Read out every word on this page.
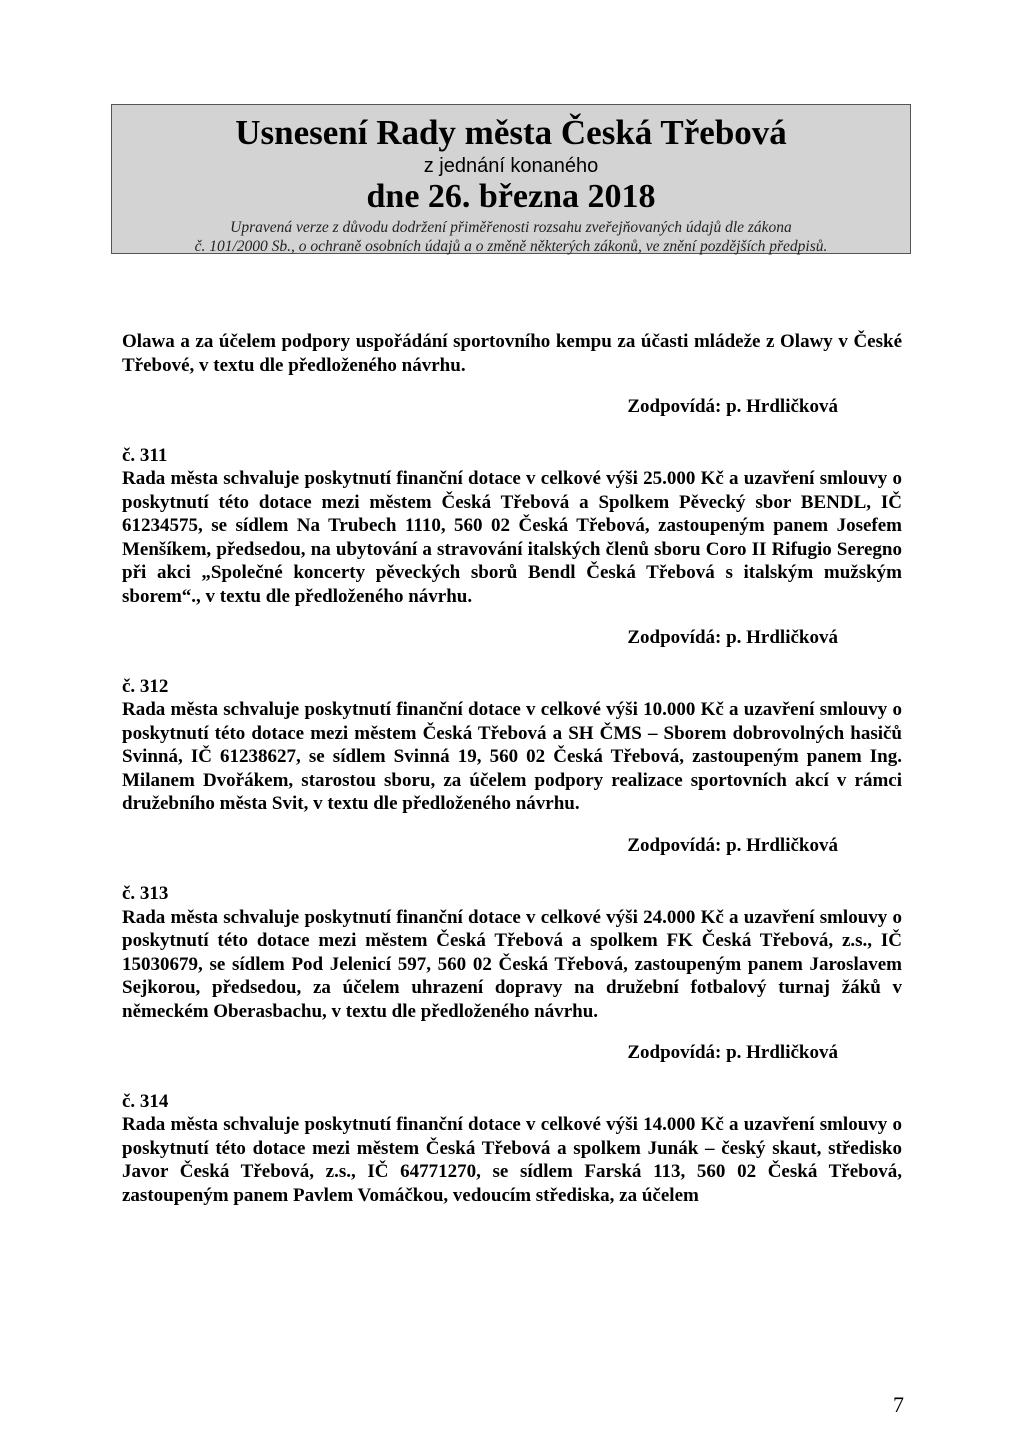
Usnesení Rady města Česká Třebová
z jednání konaného
dne 26. března 2018
Upravená verze z důvodu dodržení přiměřenosti rozsahu zveřejňovaných údajů dle zákona
č. 101/2000 Sb., o ochraně osobních údajů a o změně některých zákonů, ve znění pozdějších předpisů.

Olawa a za účelem podpory uspořádání sportovního kempu za účasti mládeže z Olawy v České Třebové, v textu dle předloženého návrhu.

Zodpovídá: p. Hrdličková

č. 311

Rada města schvaluje poskytnutí finanční dotace v celkové výši 25.000 Kč a uzavření smlouvy o poskytnutí této dotace mezi městem Česká Třebová a Spolkem Pěvecký sbor BENDL, IČ 61234575, se sídlem Na Trubech 1110, 560 02 Česká Třebová, zastoupeným panem Josefem Menšíkem, předsedou, na ubytování a stravování italských členů sboru Coro II Rifugio Seregno při akci „Společné koncerty pěveckých sborů Bendl Česká Třebová s italským mužským sborem“., v textu dle předloženého návrhu.

Zodpovídá: p. Hrdličková

č. 312

Rada města schvaluje poskytnutí finanční dotace v celkové výši 10.000 Kč a uzavření smlouvy o poskytnutí této dotace mezi městem Česká Třebová a SH ČMS – Sborem dobrovolných hasičů Svinná, IČ 61238627, se sídlem Svinná 19, 560 02 Česká Třebová, zastoupeným panem Ing. Milanem Dvořákem, starostou sboru, za účelem podpory realizace sportovních akcí v rámci družebního města Svit, v textu dle předloženého návrhu.

Zodpovídá: p. Hrdličková

č. 313

Rada města schvaluje poskytnutí finanční dotace v celkové výši 24.000 Kč a uzavření smlouvy o poskytnutí této dotace mezi městem Česká Třebová a spolkem FK Česká Třebová, z.s., IČ 15030679, se sídlem Pod Jelenicí 597, 560 02 Česká Třebová, zastoupeným panem Jaroslavem Sejkorou, předsedou, za účelem uhrazení dopravy na družební fotbalový turnaj žáků v německém Oberasbachu, v textu dle předloženého návrhu.

Zodpovídá: p. Hrdličková

č. 314

Rada města schvaluje poskytnutí finanční dotace v celkové výši 14.000 Kč a uzavření smlouvy o poskytnutí této dotace mezi městem Česká Třebová a spolkem Junák – český skaut, středisko Javor Česká Třebová, z.s., IČ 64771270, se sídlem Farská 113, 560 02 Česká Třebová, zastoupeným panem Pavlem Vomáčkou, vedoucím střediska, za účelem

7
